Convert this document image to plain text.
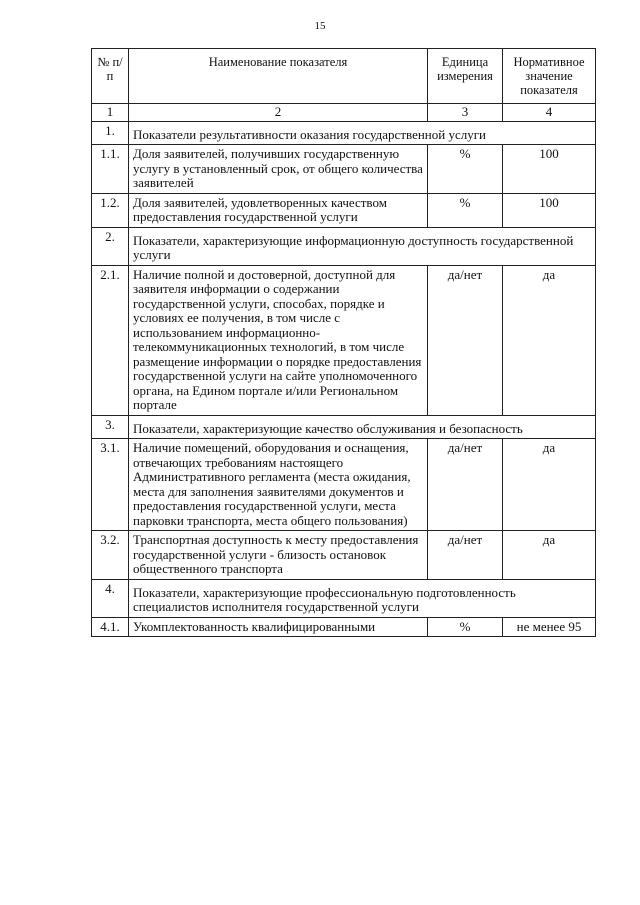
15
№ п/п	Наименование показателя	Единица измерения	Нормативное значение показателя
1	2	3	4
1.	Показатели результативности оказания государственной услуги		
1.1.	Доля заявителей, получивших государственную услугу в установленный срок, от общего количества заявителей	%	100
1.2.	Доля заявителей, удовлетворенных качеством предоставления государственной услуги	%	100
2.	Показатели, характеризующие информационную доступность государственной услуги		
2.1.	Наличие полной и достоверной, доступной для заявителя информации о содержании государственной услуги, способах, порядке и условиях ее получения, в том числе с использованием информационно-телекоммуникационных технологий, в том числе размещение информации о порядке предоставления государственной услуги на сайте уполномоченного органа, на Едином портале и/или Региональном портале	да/нет	да
3.	Показатели, характеризующие качество обслуживания и безопасность		
3.1.	Наличие помещений, оборудования и оснащения, отвечающих требованиям настоящего Административного регламента (места ожидания, места для заполнения заявителями документов и предоставления государственной услуги, места парковки транспорта, места общего пользования)	да/нет	да
3.2.	Транспортная доступность к месту предоставления государственной услуги - близость остановок общественного транспорта	да/нет	да
4.	Показатели, характеризующие профессиональную подготовленность специалистов исполнителя государственной услуги		
4.1.	Укомплектованность квалифицированными	%	не менее 95
